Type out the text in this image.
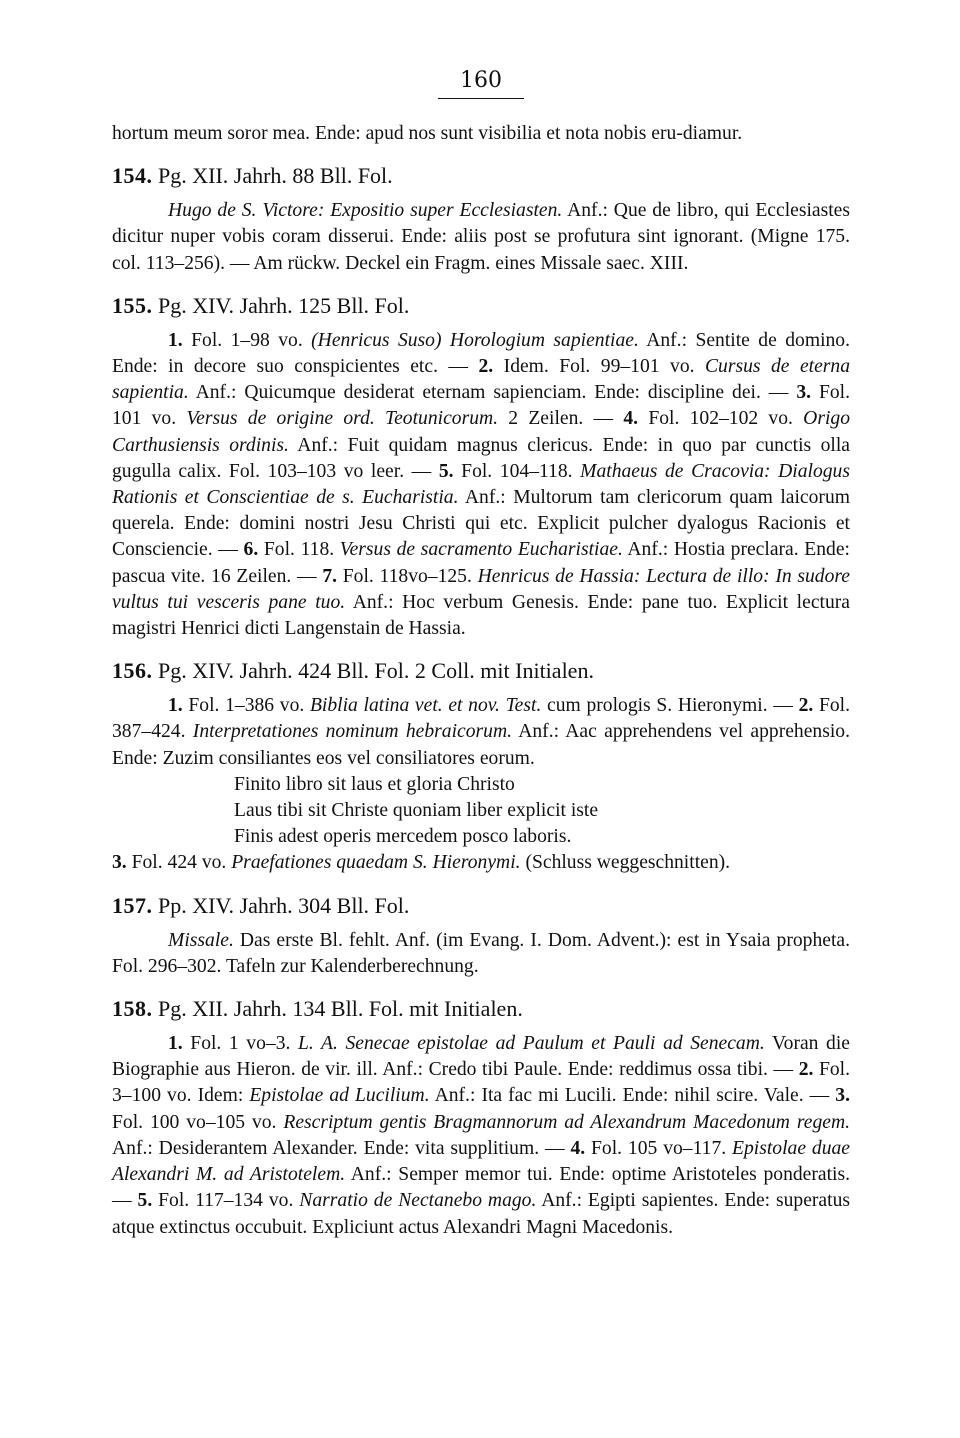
160

hortum meum soror mea. Ende: apud nos sunt visibilia et nota nobis eru-diamur.

154. Pg. XII. Jahrh. 88 Bll. Fol.

Hugo de S. Victore: Expositio super Ecclesiasten. Anf.: Que de libro, qui Ecclesiastes dicitur nuper vobis coram disserui. Ende: aliis post se profutura sint ignorant. (Migne 175. col. 113–256). — Am rückw. Deckel ein Fragm. eines Missale saec. XIII.

155. Pg. XIV. Jahrh. 125 Bll. Fol.

1. Fol. 1–98 vo. (Henricus Suso) Horologium sapientiae. Anf.: Sentite de domino. Ende: in decore suo conspicientes etc. — 2. Idem. Fol. 99–101 vo. Cursus de eterna sapientia. Anf.: Quicumque desiderat eternam sapienciam. Ende: discipline dei. — 3. Fol. 101 vo. Versus de origine ord. Teotunicorum. 2 Zeilen. — 4. Fol. 102–102 vo. Origo Carthusiensis ordinis. Anf.: Fuit quidam magnus clericus. Ende: in quo par cunctis olla gugulla calix. Fol. 103–103 vo leer. — 5. Fol. 104–118. Mathaeus de Cracovia: Dialogus Rationis et Conscientiae de s. Eucharistia. Anf.: Multorum tam clericorum quam laicorum querela. Ende: domini nostri Jesu Christi qui etc. Explicit pulcher dyalogus Racionis et Consciencie. — 6. Fol. 118. Versus de sacramento Eucharistiae. Anf.: Hostia preclara. Ende: pascua vite. 16 Zeilen. — 7. Fol. 118vo–125. Henricus de Hassia: Lectura de illo: In sudore vultus tui vesceris pane tuo. Anf.: Hoc verbum Genesis. Ende: pane tuo. Explicit lectura magistri Henrici dicti Langenstain de Hassia.

156. Pg. XIV. Jahrh. 424 Bll. Fol. 2 Coll. mit Initialen.

1. Fol. 1–386 vo. Biblia latina vet. et nov. Test. cum prologis S. Hieronymi. — 2. Fol. 387–424. Interpretationes nominum hebraicorum. Anf.: Aac apprehendens vel apprehensio. Ende: Zuzim consiliantes eos vel consiliatores eorum.

Finito libro sit laus et gloria Christo
Laus tibi sit Christe quoniam liber explicit iste
Finis adest operis mercedem posco laboris.

3. Fol. 424 vo. Praefationes quaedam S. Hieronymi. (Schluss weggeschnitten).

157. Pp. XIV. Jahrh. 304 Bll. Fol.

Missale. Das erste Bl. fehlt. Anf. (im Evang. I. Dom. Advent.): est in Ysaia propheta. Fol. 296–302. Tafeln zur Kalenderberechnung.

158. Pg. XII. Jahrh. 134 Bll. Fol. mit Initialen.

1. Fol. 1 vo–3. L. A. Senecae epistolae ad Paulum et Pauli ad Senecam. Voran die Biographie aus Hieron. de vir. ill. Anf.: Credo tibi Paule. Ende: reddimus ossa tibi. — 2. Fol. 3–100 vo. Idem: Epistolae ad Lucilium. Anf.: Ita fac mi Lucili. Ende: nihil scire. Vale. — 3. Fol. 100 vo–105 vo. Rescriptum gentis Bragmannorum ad Alexandrum Macedonum regem. Anf.: Desiderantem Alexander. Ende: vita supplitium. — 4. Fol. 105 vo–117. Epistolae duae Alexandri M. ad Aristotelem. Anf.: Semper memor tui. Ende: optime Aristoteles ponderatis. — 5. Fol. 117–134 vo. Narratio de Nectanebo mago. Anf.: Egipti sapientes. Ende: superatus atque extinctus occubuit. Expliciunt actus Alexandri Magni Macedonis.
